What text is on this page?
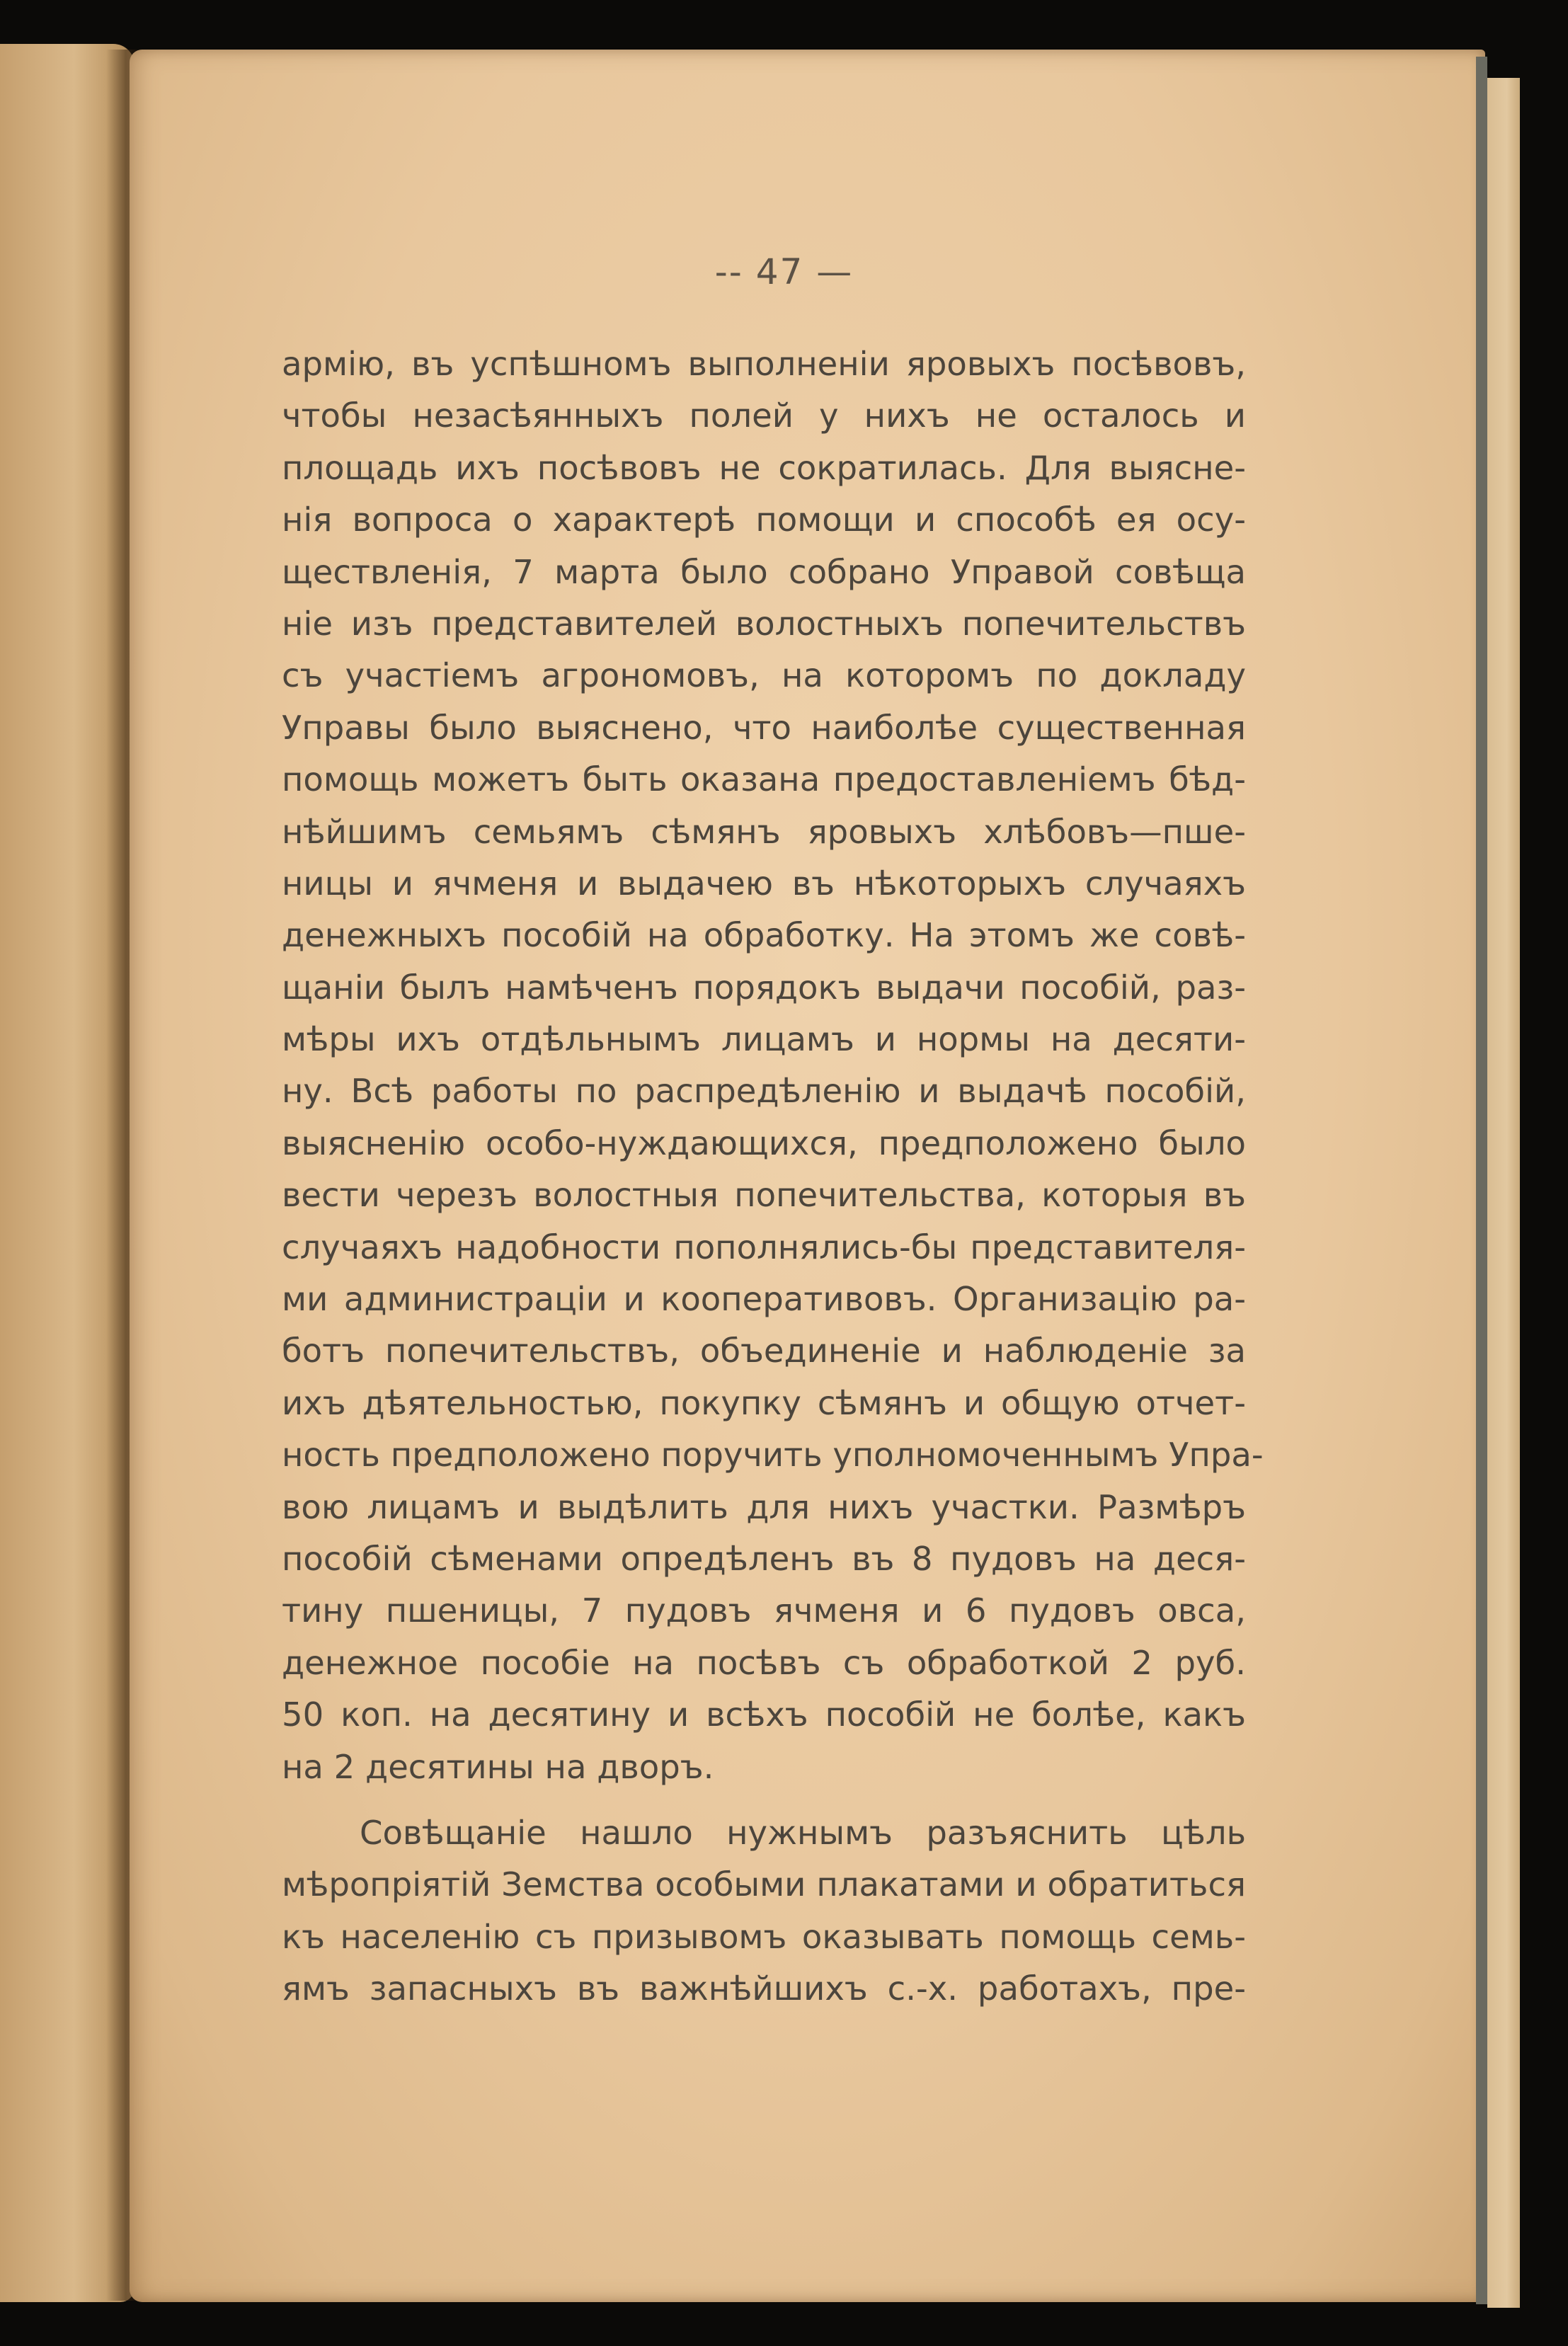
-- 47 —
армію, въ успѣшномъ выполненіи яровыхъ посѣвовъ,
чтобы незасѣянныхъ полей у нихъ не осталось и
площадь ихъ посѣвовъ не сократилась. Для выясне-
нія вопроса о характерѣ помощи и способѣ ея осу-
ществленія, 7 марта было собрано Управой совѣща
ніе изъ представителей волостныхъ попечительствъ
съ участіемъ агрономовъ, на которомъ по докладу
Управы было выяснено, что наиболѣе существенная
помощь можетъ быть оказана предоставленіемъ бѣд-
нѣйшимъ семьямъ сѣмянъ яровыхъ хлѣбовъ—пше-
ницы и ячменя и выдачею въ нѣкоторыхъ случаяхъ
денежныхъ пособій на обработку. На этомъ же совѣ-
щаніи былъ намѣченъ порядокъ выдачи пособій, раз-
мѣры ихъ отдѣльнымъ лицамъ и нормы на десяти-
ну. Всѣ работы по распредѣленію и выдачѣ пособій,
выясненію особо-нуждающихся, предположено было
вести черезъ волостныя попечительства, которыя въ
случаяхъ надобности пополнялись-бы представителя-
ми администраціи и кооперативовъ. Организацію ра-
ботъ попечительствъ, объединеніе и наблюденіе за
ихъ дѣятельностью, покупку сѣмянъ и общую отчет-
ность предположено поручить уполномоченнымъ Упра-
вою лицамъ и выдѣлить для нихъ участки. Размѣръ
пособій сѣменами опредѣленъ въ 8 пудовъ на деся-
тину пшеницы, 7 пудовъ ячменя и 6 пудовъ овса,
денежное пособіе на посѣвъ съ обработкой 2 руб.
50 коп. на десятину и всѣхъ пособій не болѣе, какъ
на 2 десятины на дворъ.
Совѣщаніе нашло нужнымъ разъяснить цѣль
мѣропріятій Земства особыми плакатами и обратиться
къ населенію съ призывомъ оказывать помощь семь-
ямъ запасныхъ въ важнѣйшихъ с.-х. работахъ, пре-
